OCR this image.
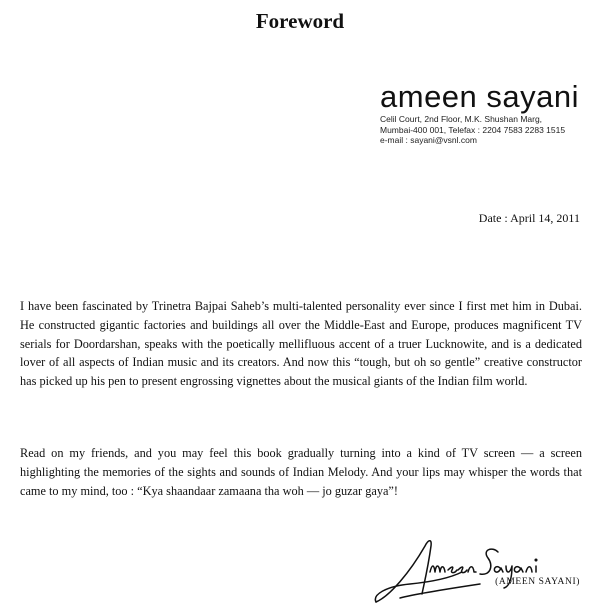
Foreword
ameen sayani
Celil Court, 2nd Floor, M.K. Shushan Marg,
Mumbai-400 001, Telefax : 2204 7583 2283 1515
e-mail : sayani@vsnl.com
Date : April 14, 2011

I have been fascinated by Trinetra Bajpai Saheb’s multi-talented personality ever since I first met him in Dubai. He constructed gigantic factories and buildings all over the Middle-East and Europe, produces magnificent TV serials for Doordarshan, speaks with the poetically mellifluous accent of a truer Lucknowite, and is a dedicated lover of all aspects of Indian music and its creators. And now this “tough, but oh so gentle” creative constructor has picked up his pen to present engrossing vignettes about the musical giants of the Indian film world.

Read on my friends, and you may feel this book gradually turning into a kind of TV screen — a screen highlighting the memories of the sights and sounds of Indian Melody. And your lips may whisper the words that came to my mind, too : “Kya shaandaar zamaana tha woh — jo guzar gaya”!

(AMEEN SAYANI)
